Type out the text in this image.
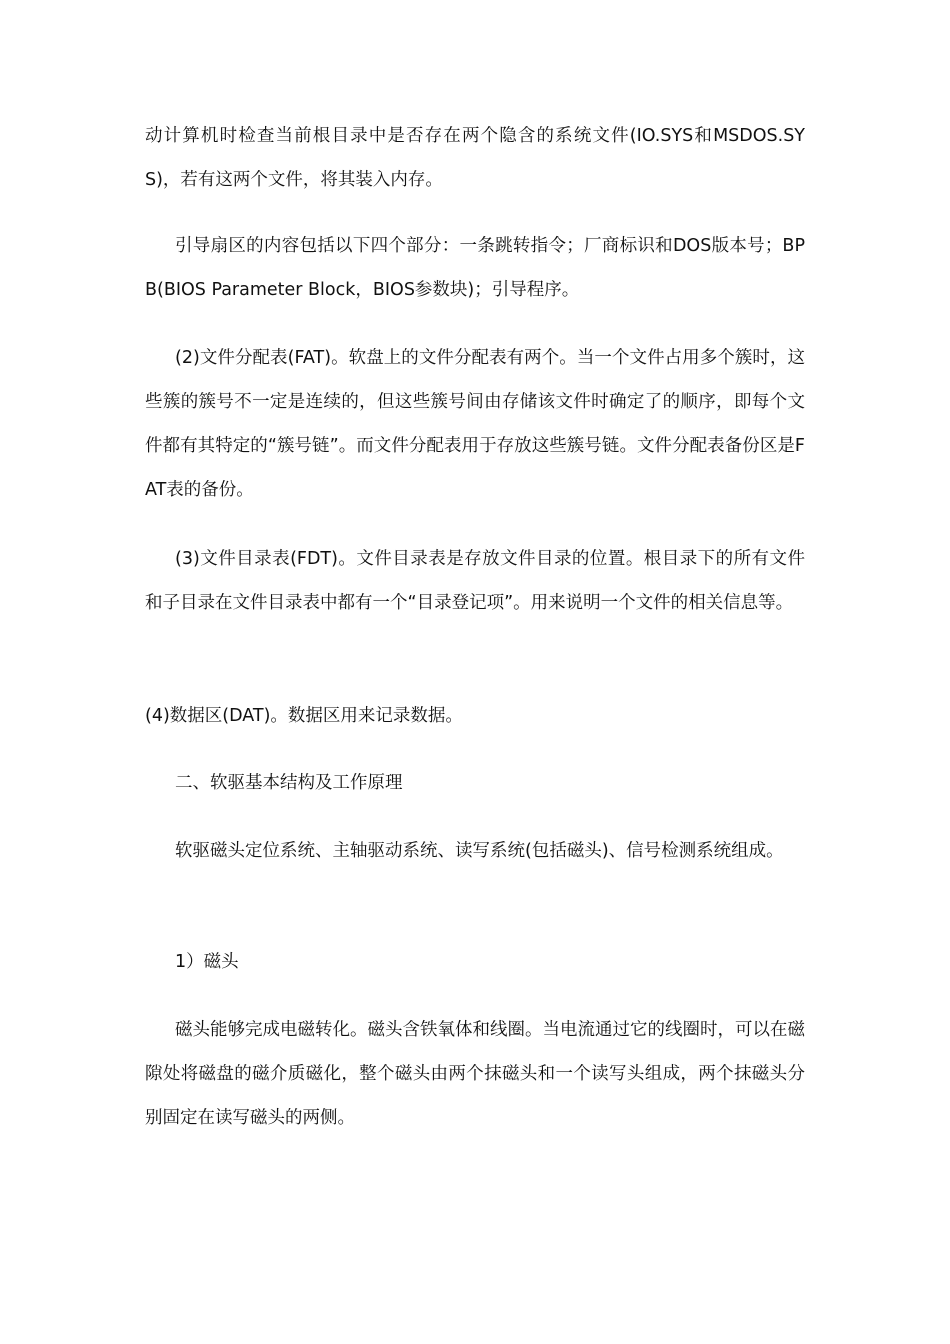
动计算机时检查当前根目录中是否存在两个隐含的系统文件(IO.SYS和MSDOS.SYS)，若有这两个文件，将其装入内存。

引导扇区的内容包括以下四个部分：一条跳转指令；厂商标识和DOS版本号；BPB(BIOS Parameter Block，BIOS参数块)；引导程序。

(2)文件分配表(FAT)。软盘上的文件分配表有两个。当一个文件占用多个簇时，这些簇的簇号不一定是连续的，但这些簇号间由存储该文件时确定了的顺序，即每个文件都有其特定的“簇号链”。而文件分配表用于存放这些簇号链。文件分配表备份区是FAT表的备份。

(3)文件目录表(FDT)。文件目录表是存放文件目录的位置。根目录下的所有文件和子目录在文件目录表中都有一个“目录登记项”。用来说明一个文件的相关信息等。

(4)数据区(DAT)。数据区用来记录数据。

二、软驱基本结构及工作原理

软驱磁头定位系统、主轴驱动系统、读写系统(包括磁头)、信号检测系统组成。

1）磁头

磁头能够完成电磁转化。磁头含铁氧体和线圈。当电流通过它的线圈时，可以在磁隙处将磁盘的磁介质磁化，整个磁头由两个抹磁头和一个读写头组成，两个抹磁头分别固定在读写磁头的两侧。
